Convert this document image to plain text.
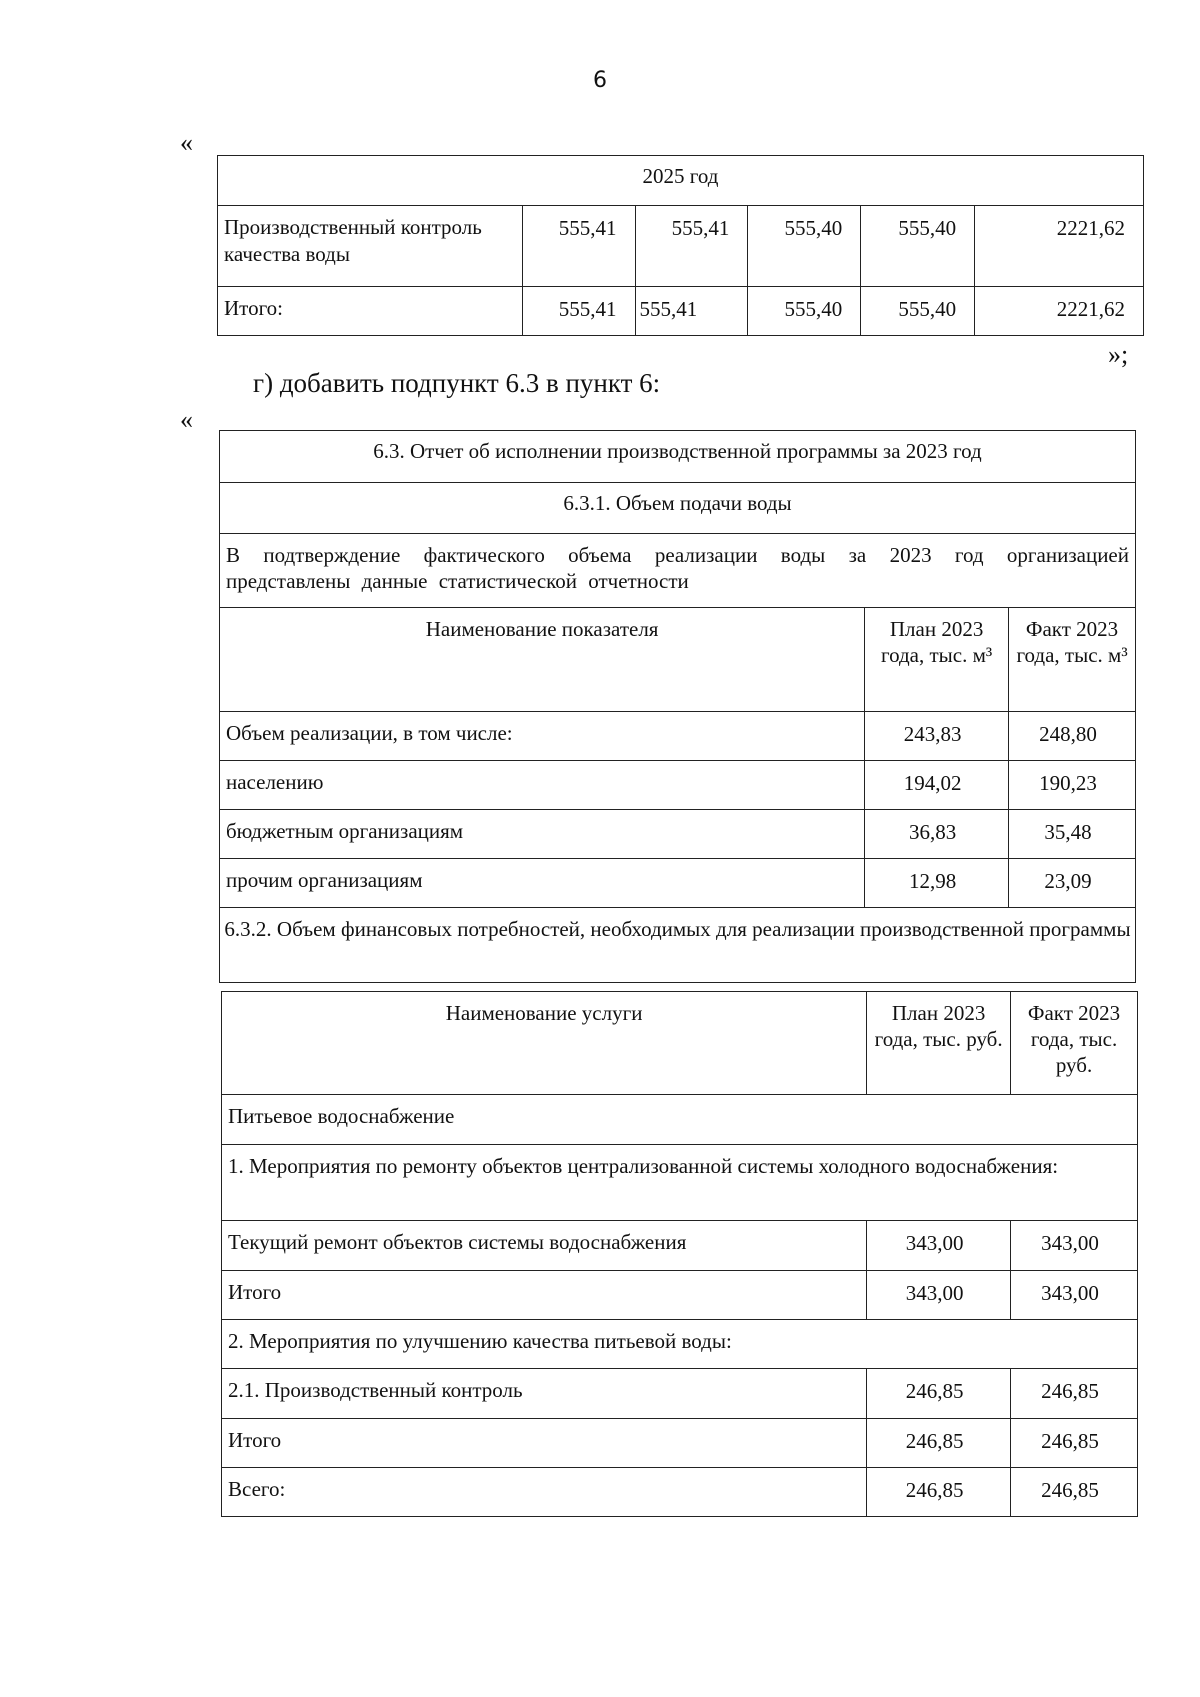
6
«
2025 год					
Производственный контроль качества воды	555,41	555,41	555,40	555,40	2221,62
Итого:	555,41	555,41	555,40	555,40	2221,62
»;
г) добавить подпункт 6.3 в пункт 6:
«
6.3. Отчет об исполнении производственной программы за 2023 год		
6.3.1. Объем подачи воды		
В подтверждение фактического объема реализации воды за 2023 год организацией представлены данные статистической отчетности		
Наименование показателя	План 2023 года, тыс. м³	Факт 2023 года, тыс. м³
Объем реализации, в том числе:	243,83	248,80
населению	194,02	190,23
бюджетным организациям	36,83	35,48
прочим организациям	12,98	23,09
6.3.2. Объем финансовых потребностей, необходимых для реализации производственной программы		
Наименование услуги	План 2023 года, тыс. руб.	Факт 2023 года, тыс. руб.
Питьевое водоснабжение		
1. Мероприятия по ремонту объектов централизованной системы холодного водоснабжения:		
Текущий ремонт объектов системы водоснабжения	343,00	343,00
Итого	343,00	343,00
2. Мероприятия по улучшению качества питьевой воды:		
2.1. Производственный контроль	246,85	246,85
Итого	246,85	246,85
Всего:	246,85	246,85
